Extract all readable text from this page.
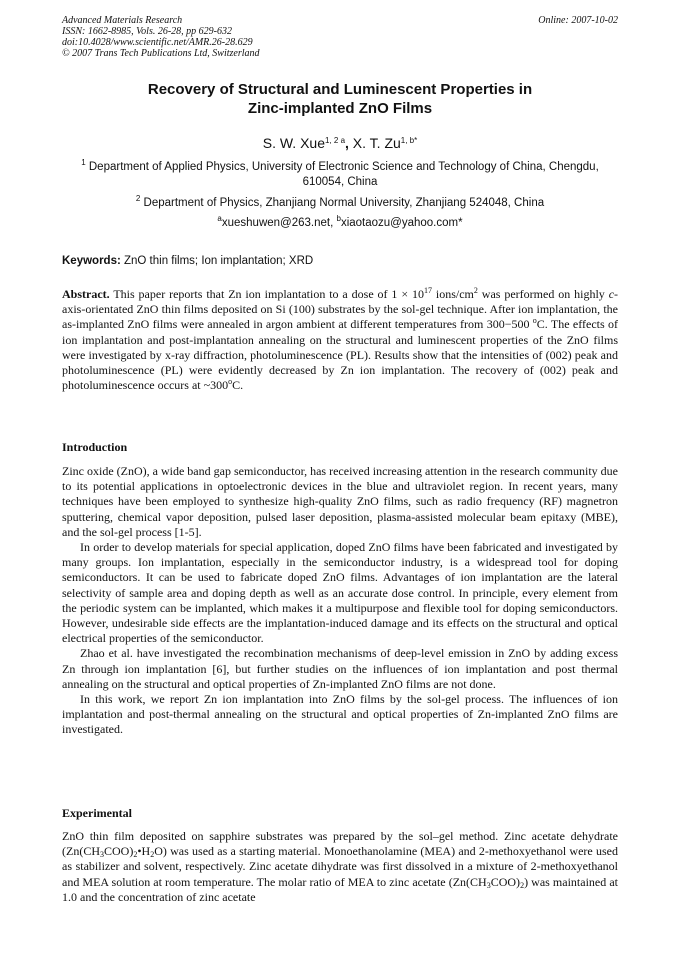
Advanced Materials Research
ISSN: 1662-8985, Vols. 26-28, pp 629-632
doi:10.4028/www.scientific.net/AMR.26-28.629
© 2007 Trans Tech Publications Ltd, Switzerland
Online: 2007-10-02
Recovery of Structural and Luminescent Properties in
Zinc-implanted ZnO Films
S. W. Xue$^{1, 2 a}$, X. T. $Zu^{1, b*}$
$^1$ Department of Applied Physics, University of Electronic Science and Technology of China, Chengdu, 610054, China
$^2$ Department of Physics, Zhanjiang Normal University, Zhanjiang 524048, China
$^a$xueshuwen@263.net, $^b$xiaotaozu@yahoo.com*
Keywords: ZnO thin films; Ion implantation; XRD
Abstract. This paper reports that Zn ion implantation to a dose of $1 \times 10^{17}$ ions/$cm^2$ was performed on highly c-axis-orientated ZnO thin films deposited on Si (100) substrates by the sol-gel technique. After ion implantation, the as-implanted ZnO films were annealed in argon ambient at different temperatures from 300−500 $^o$C. The effects of ion implantation and post-implantation annealing on the structural and luminescent properties of the ZnO films were investigated by x-ray diffraction, photoluminescence (PL). Results show that the intensities of (002) peak and photoluminescence (PL) were evidently decreased by Zn ion implantation. The recovery of (002) peak and photoluminescence occurs at ~300$^o$C.
Introduction

Zinc oxide (ZnO), a wide band gap semiconductor, has received increasing attention in the research community due to its potential applications in optoelectronic devices in the blue and ultraviolet region. In recent years, many techniques have been employed to synthesize high-quality ZnO films, such as radio frequency (RF) magnetron sputtering, chemical vapor deposition, pulsed laser deposition, plasma-assisted molecular beam epitaxy (MBE), and the sol-gel process [1-5].

In order to develop materials for special application, doped ZnO films have been fabricated and investigated by many groups. Ion implantation, especially in the semiconductor industry, is a widespread tool for doping semiconductors. It can be used to fabricate doped ZnO films. Advantages of ion implantation are the lateral selectivity of sample area and doping depth as well as an accurate dose control. In principle, every element from the periodic system can be implanted, which makes it a multipurpose and flexible tool for doping semiconductors. However, undesirable side effects are the implantation-induced damage and its effects on the structural and optical electrical properties of the semiconductor.

Zhao et al. have investigated the recombination mechanisms of deep-level emission in ZnO by adding excess Zn through ion implantation [6], but further studies on the influences of ion implantation and post thermal annealing on the structural and optical properties of Zn-implanted ZnO films are not done.

In this work, we report Zn ion implantation into ZnO films by the sol-gel process. The influences of ion implantation and post-thermal annealing on the structural and optical properties of Zn-implanted ZnO films are investigated.

Experimental
ZnO thin film deposited on sapphire substrates was prepared by the sol–gel method. Zinc acetate dehydrate $(Zn(CH_3COO)_2•H_2O)$ was used as a starting material. Monoethanolamine (MEA) and 2-methoxyethanol were used as stabilizer and solvent, respectively. Zinc acetate dihydrate was first dissolved in a mixture of 2-methoxyethanol and MEA solution at room temperature. The molar ratio of MEA to zinc acetate $(Zn(CH_3COO)_2)$ was maintained at 1.0 and the concentration of zinc acetate
